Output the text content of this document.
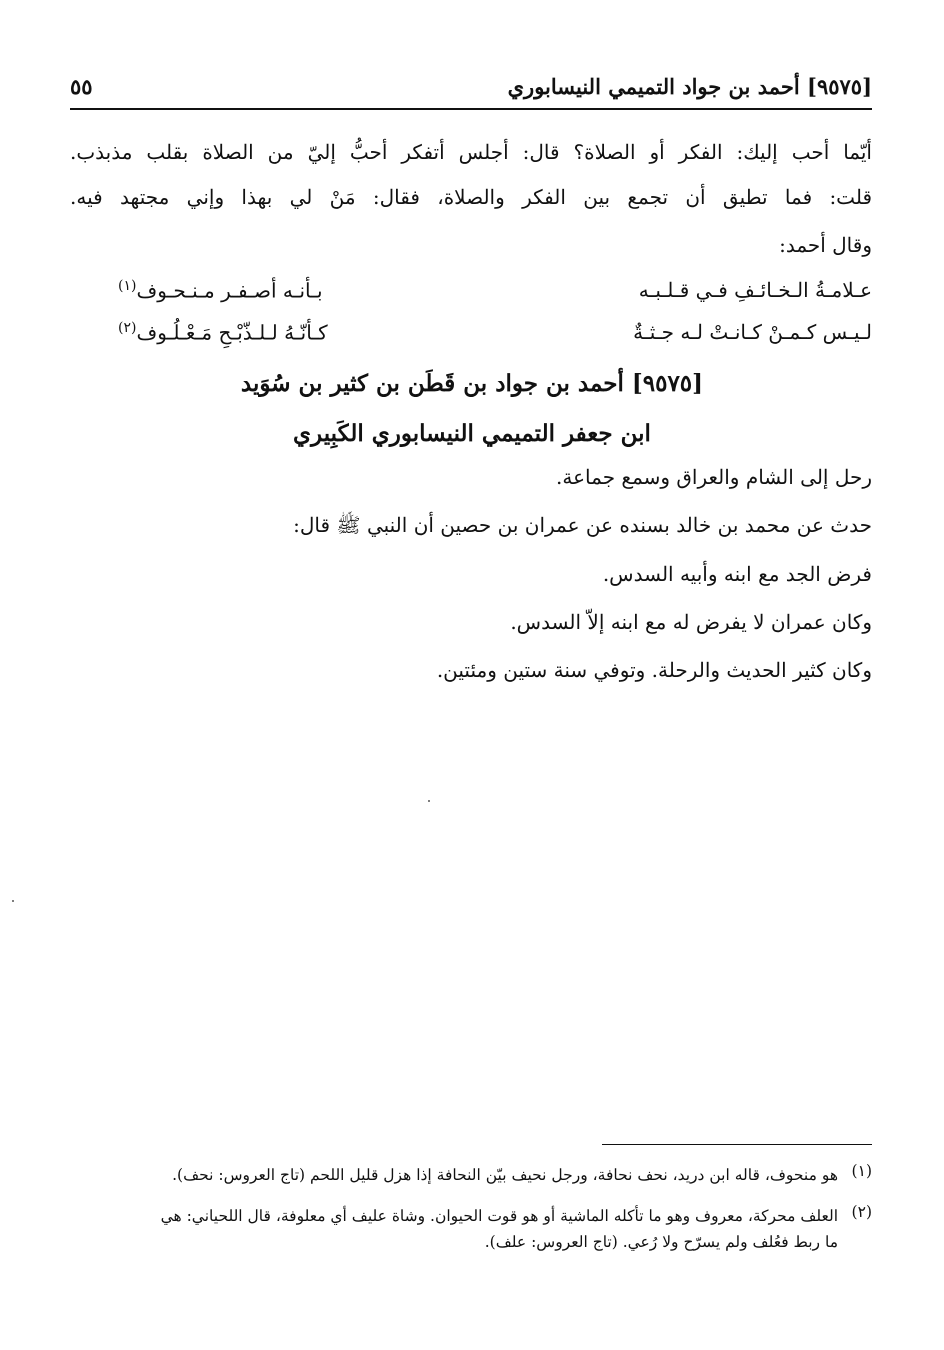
[٩٥٧٥] أحمد بن جواد التميمي النيسابوري
٥٥
أيّما أحب إليك: الفكر أو الصلاة؟ قال: أجلس أتفكر أحبُّ إليّ من الصلاة بقلب مذبذب.
قلت: فما تطيق أن تجمع بين الفكر والصلاة، فقال: مَنْ لي بهذا وإني مجتهد فيه.
وقال أحمد:
عـلامـةُ الـخـائـفِ فـي قـلـبـه
بـأنـه أصـفـر مـنـحـوف$^{(١)}$
لـيـس كـمـنْ كـانـتْ لـه جـثـةٌ
كـأنّـهُ لـلـذّبْـحِ مَـعْـلُـوف$^{(٢)}$
[٩٥٧٥] أحمد بن جواد بن قَطَن بن كثير بن سُوَيد
ابن جعفر التميمي النيسابوري الكَبِيري
رحل إلى الشام والعراق وسمع جماعة.
حدث عن محمد بن خالد بسنده عن عمران بن حصين أن النبي ﷺ قال:
فرض الجد مع ابنه وأبيه السدس.
وكان عمران لا يفرض له مع ابنه إلاّ السدس.
وكان كثير الحديث والرحلة. وتوفي سنة ستين ومئتين.
(١)
هو منحوف، قاله ابن دريد، نحف نحافة، ورجل نحيف بيّن النحافة إذا هزل قليل اللحم (تاج العروس: نحف).
(٢)
العلف محركة، معروف وهو ما تأكله الماشية أو هو قوت الحيوان. وشاة عليف أي معلوفة، قال اللحياني: هي
ما ربط فعُلف ولم يسرّح ولا رُعي. (تاج العروس: علف).
